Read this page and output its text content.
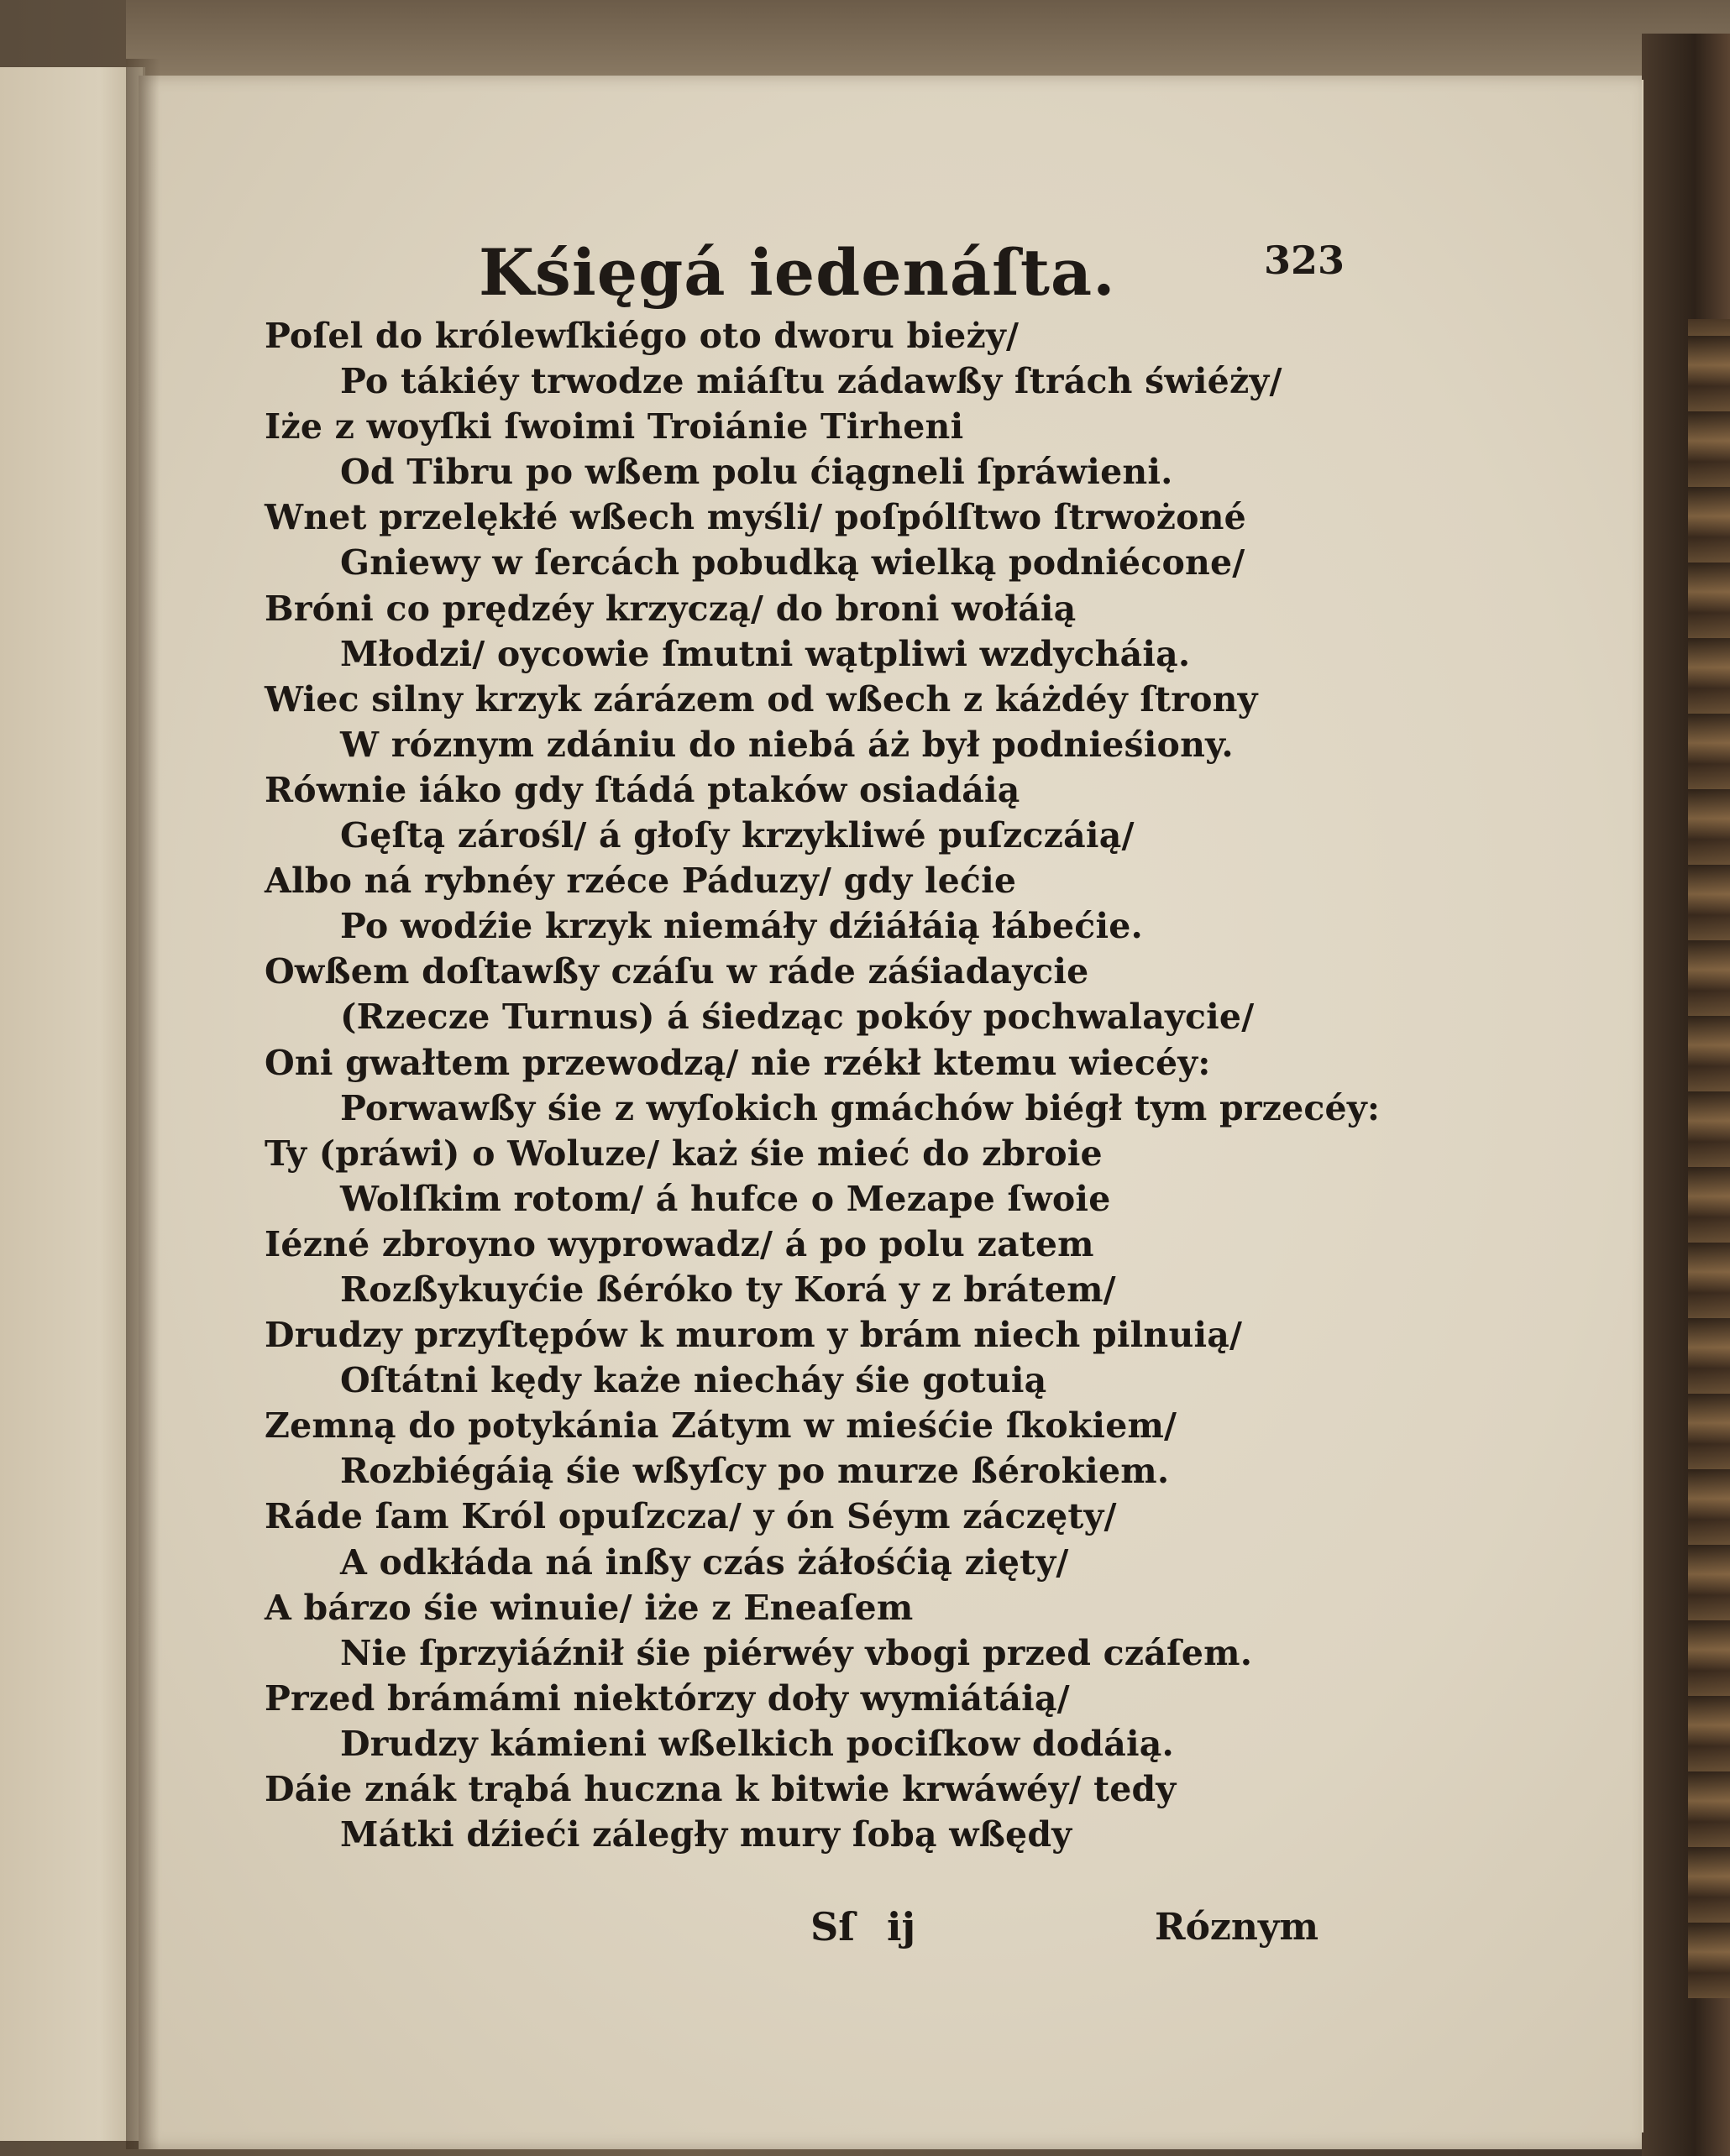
Kśięgá iedenáſta.	323
Poſel do królewſkiégo oto dworu bieży/
Po tákiéy trwodze miáſtu zádawßy ſtrách świéży/
Iże z woyſki ſwoimi Troiánie Tirheni
Od Tibru po wßem polu ćiągneli ſpráwieni.
Wnet przelękłé wßech myśli/ poſpólſtwo ſtrwożoné
Gniewy w ſercách pobudką wielką podniécone/
Bróni co prędzéy krzyczą/ do broni wołáią
Młodzi/ oycowie ſmutni wątpliwi wzdycháią.
Wiec silny krzyk zárázem od wßech z káżdéy ſtrony
W róznym zdániu do niebá áż był podnieśiony.
Równie iáko gdy ſtádá ptaków osiadáią
Gęſtą zárośl/ á głoſy krzykliwé puſzczáią/
Albo ná rybnéy rzéce Páduzy/ gdy lećie
Po wodźie krzyk niemáły dźiáłáią łábećie.
Owßem doſtawßy czáſu w ráde záśiadaycie
(Rzecze Turnus) á śiedząc pokóy pochwalaycie/
Oni gwałtem przewodzą/ nie rzékł ktemu wiecéy:
Porwawßy śie z wyſokich gmáchów biégł tym przecéy:
Ty (práwi) o Woluze/ każ śie mieć do zbroie
Wolſkim rotom/ á hufce o Mezape ſwoie
Iézné zbroyno wyprowadz/ á po polu zatem
Rozßykuyćie ßéróko ty Korá y z brátem/
Drudzy przyſtępów k murom y brám niech pilnuią/
Oſtátni kędy każe niecháy śie gotuią
Zemną do potykánia Zátym w mieśćie ſkokiem/
Rozbiégáią śie wßyſcy po murze ßérokiem.
Ráde ſam Król opuſzcza/ y ón Séym záczęty/
A odkłáda ná inßy czás żáłośćią zięty/
A bárzo śie winuie/ iże z Eneaſem
Nie ſprzyiáźnił śie piérwéy vbogi przed czáſem.
Przed brámámi niektórzy doły wymiátáią/
Drudzy kámieni wßelkich pociſkow dodáią.
Dáie znák trąbá huczna k bitwie krwáwéy/ tedy
Mátki dźieći záległy mury ſobą wßędy
Sſ ij	Róznym
